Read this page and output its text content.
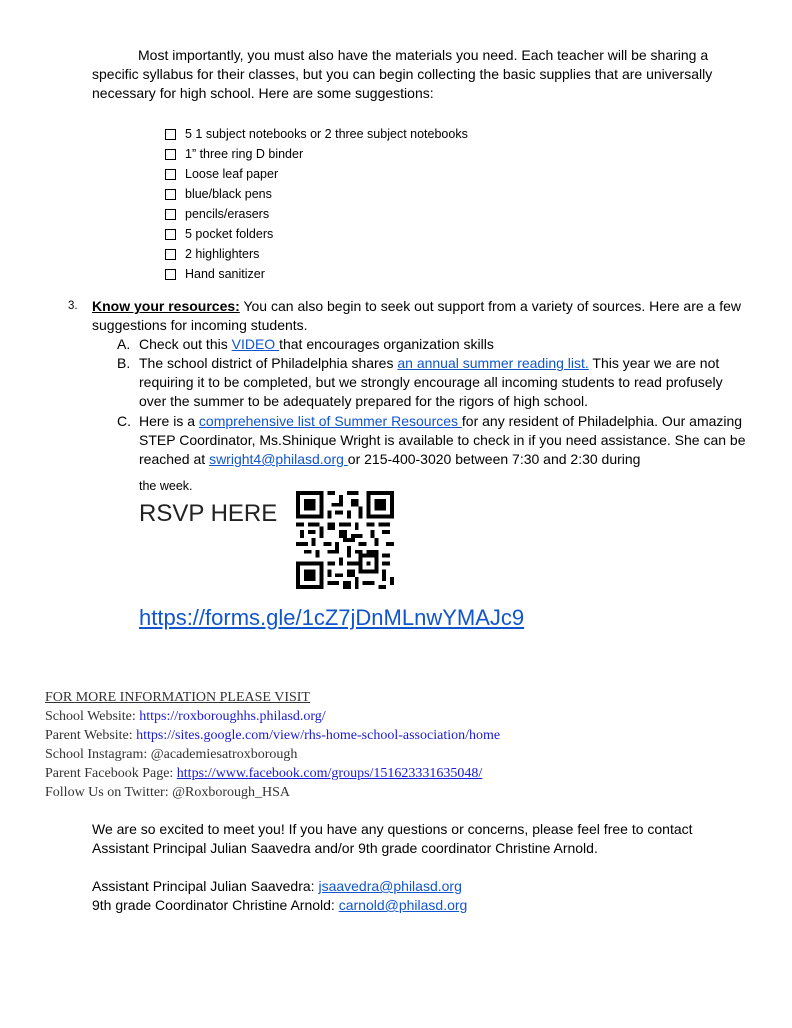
Most importantly, you must also have the materials you need. Each teacher will be sharing a specific syllabus for their classes, but you can begin collecting the basic supplies that are universally necessary for high school. Here are some suggestions:

5 1 subject notebooks or 2 three subject notebooks
1” three ring D binder
Loose leaf paper
blue/black pens
pencils/erasers
5 pocket folders
2 highlighters
Hand sanitizer
3. Know your resources: You can also begin to seek out support from a variety of sources. Here are a few suggestions for incoming students.

A. Check out this VIDEO that encourages organization skills
B. The school district of Philadelphia shares an annual summer reading list. This year we are not requiring it to be completed, but we strongly encourage all incoming students to read profusely over the summer to be adequately prepared for the rigors of high school.
C. Here is a comprehensive list of Summer Resources for any resident of Philadelphia. Our amazing STEP Coordinator, Ms.Shinique Wright is available to check in if you need assistance. She can be reached at swright4@philasd.org or 215-400-3020 between 7:30 and 2:30 during
the week.
RSVP HERE
https://forms.gle/1cZ7jDnMLnwYMAJc9
FOR MORE INFORMATION PLEASE VISIT
School Website: https://roxboroughhs.philasd.org/
Parent Website: https://sites.google.com/view/rhs-home-school-association/home
School Instagram: @academiesatroxborough
Parent Facebook Page: https://www.facebook.com/groups/151623331635048/
Follow Us on Twitter: @Roxborough_HSA

We are so excited to meet you! If you have any questions or concerns, please feel free to contact Assistant Principal Julian Saavedra and/or 9th grade coordinator Christine Arnold.

Assistant Principal Julian Saavedra: jsaavedra@philasd.org
9th grade Coordinator Christine Arnold: carnold@philasd.org
